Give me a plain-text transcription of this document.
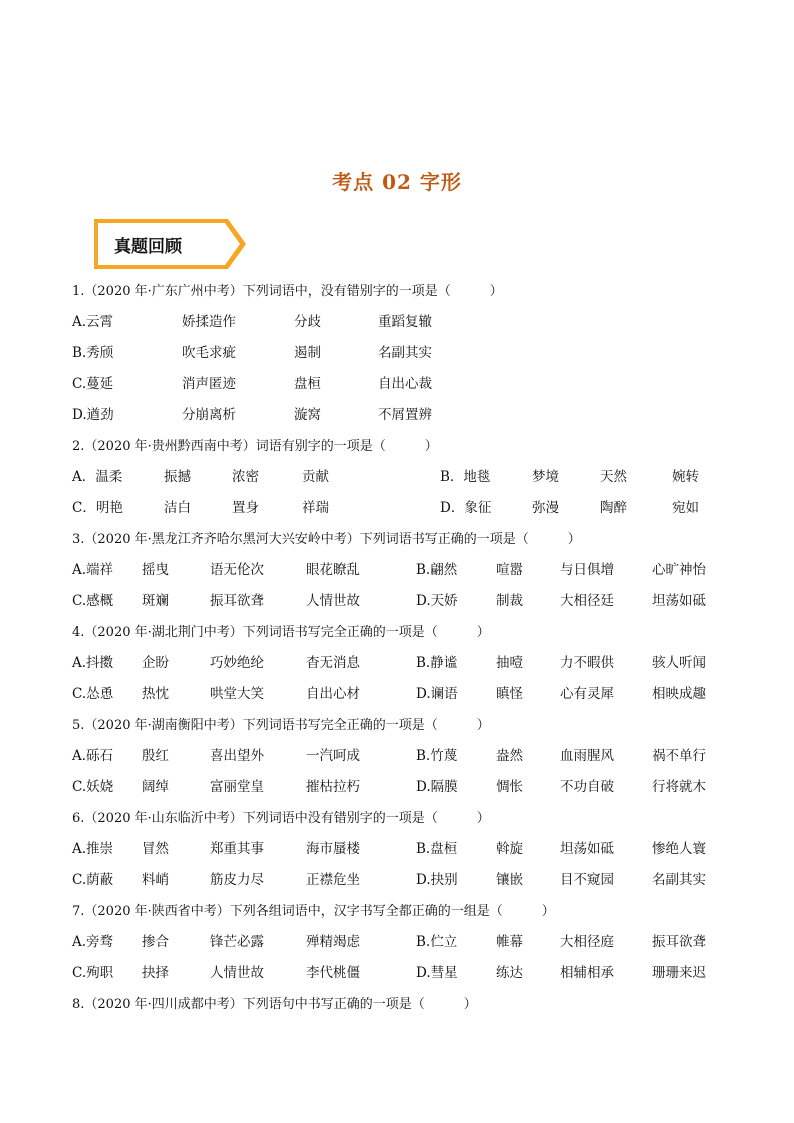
考点 02 字形
真题回顾
1.（2020 年·广东广州中考）下列词语中，没有错别字的一项是（　　　）
A.云霄	娇揉造作	分歧	重蹈复辙
B.秀颀	吹毛求疵	遏制	名副其实
C.蔓延	消声匿迹	盘桓	自出心裁
D.遒劲	分崩离析	漩窝	不屑置辨
2.（2020 年·贵州黔西南中考）词语有别字的一项是（　　　）
A．温柔	振撼	浓密	贡献	B．地毯	梦境	天然	婉转
C．明艳	洁白	置身	祥瑞	D．象征	弥漫	陶醉	宛如
3.（2020 年·黑龙江齐齐哈尔黑河大兴安岭中考）下列词语书写正确的一项是（　　　）
A.端祥	摇曳	语无伦次	眼花瞭乱	B.翩然	喧嚣	与日俱增	心旷神怡
C.感概	斑斓	振耳欲聋	人情世故	D.天娇	制裁	大相径廷	坦荡如砥
4.（2020 年·湖北荆门中考）下列词语书写完全正确的一项是（　　　）
A.抖擞	企盼	巧妙绝纶	杳无消息	B.静谧	抽噎	力不暇供	骇人听闻
C.怂恿	热忱	哄堂大笑	自出心材	D.谰语	瞋怪	心有灵犀	相映成趣
5.（2020 年·湖南衡阳中考）下列词语书写完全正确的一项是（　　　）
A.砾石	殷红	喜出望外	一汽呵成	B.竹蔑	盎然	血雨腥风	祸不单行
C.妖娆	阔绰	富丽堂皇	摧枯拉朽	D.隔膜	惆怅	不功自破	行将就木
6.（2020 年·山东临沂中考）下列词语中没有错别字的一项是（　　　）
A.推崇	冒然	郑重其事	海市蜃楼	B.盘桓	斡旋	坦荡如砥	惨绝人寰
C.荫蔽	料峭	筋皮力尽	正襟危坐	D.抉别	镶嵌	目不窥园	名副其实
7.（2020 年·陕西省中考）下列各组词语中，汉字书写全都正确的一组是（　　　）
A.旁骛	掺合	锋芒必露	殚精竭虑	B.伫立	帷幕	大相径庭	振耳欲聋
C.殉职	抉择	人情世故	李代桃僵	D.彗星	练达	相辅相承	珊珊来迟
8.（2020 年·四川成都中考）下列语句中书写正确的一项是（　　　）
